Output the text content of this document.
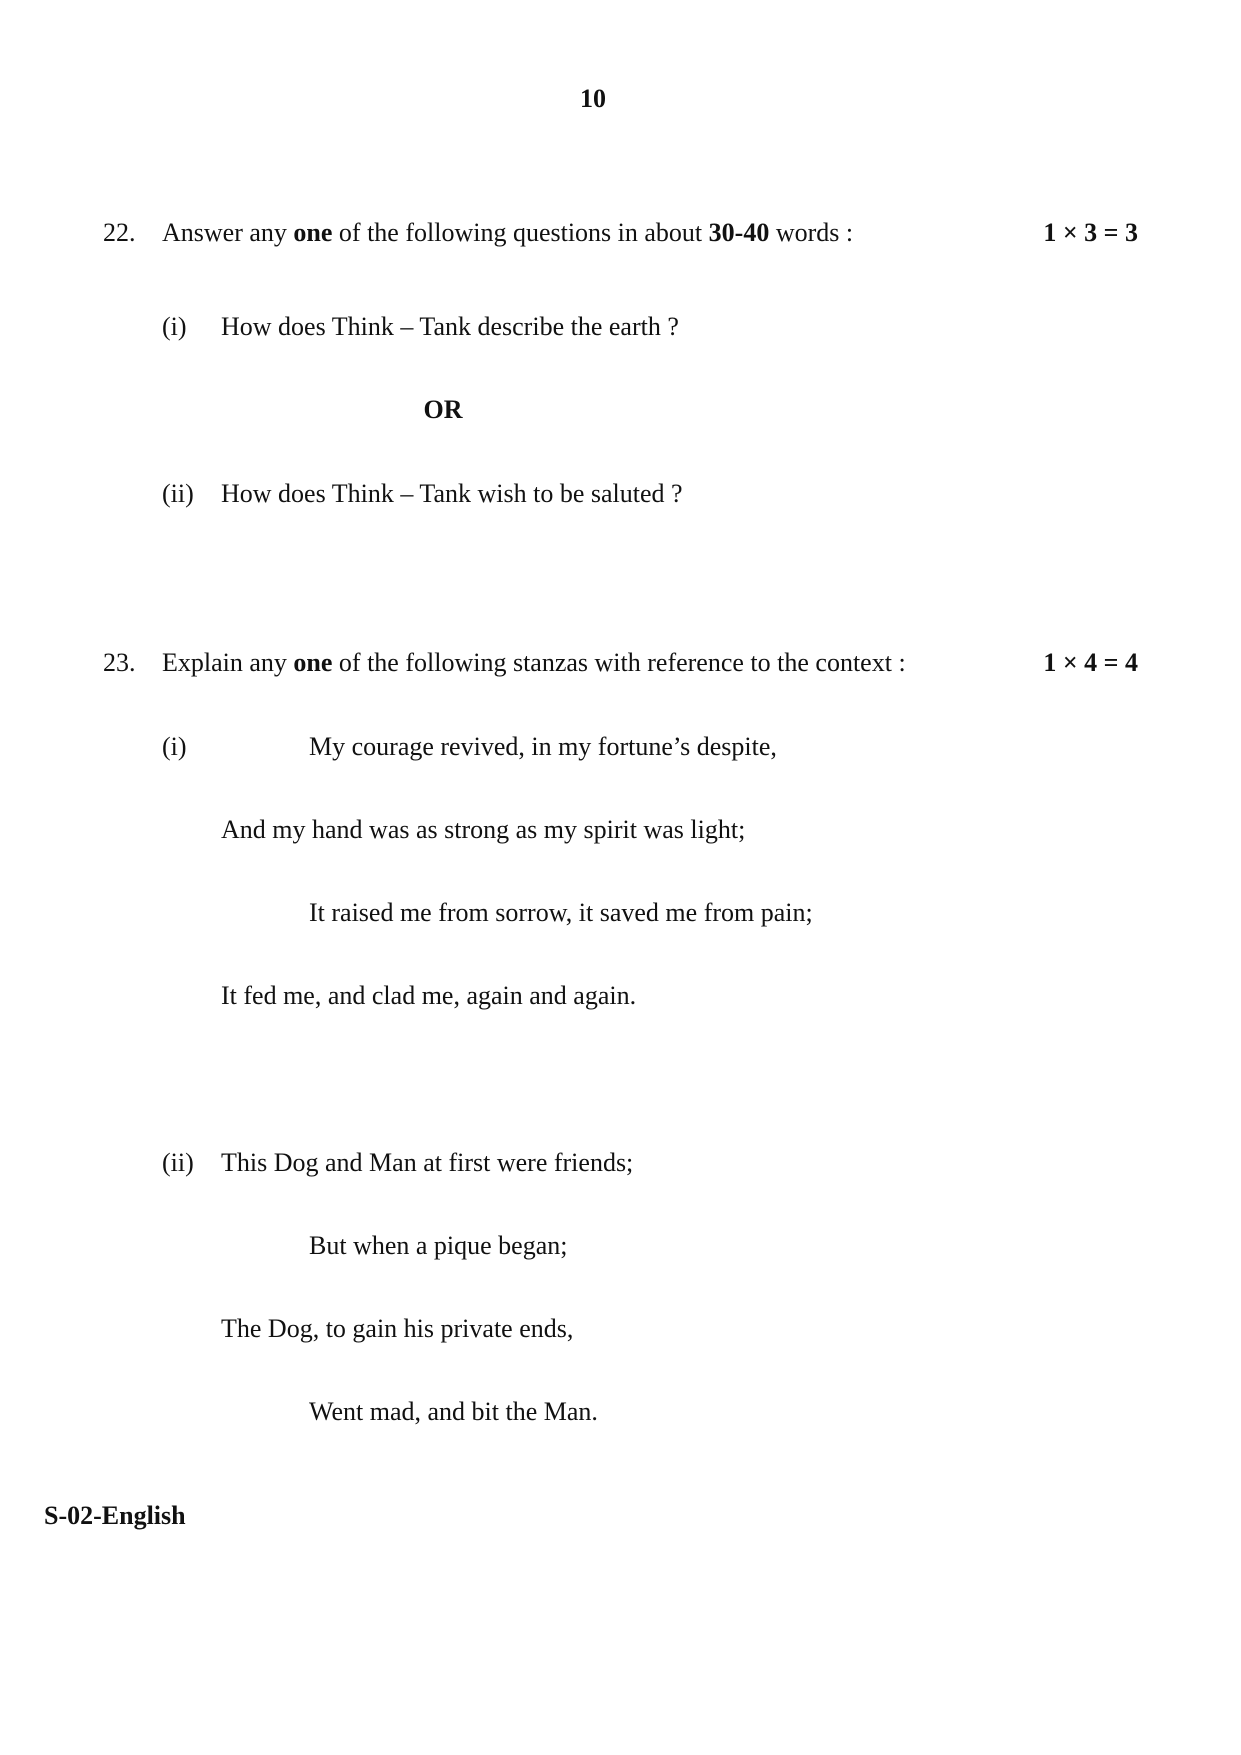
10
22. Answer any one of the following questions in about 30-40 words :	1 × 3 = 3
(i) How does Think – Tank describe the earth ?
OR
(ii) How does Think – Tank wish to be saluted ?
23. Explain any one of the following stanzas with reference to the context :	1 × 4 = 4
(i)	My courage revived, in my fortune’s despite,
And my hand was as strong as my spirit was light;
It raised me from sorrow, it saved me from pain;
It fed me, and clad me, again and again.
(ii) This Dog and Man at first were friends;
But when a pique began;
The Dog, to gain his private ends,
Went mad, and bit the Man.
S-02-English
